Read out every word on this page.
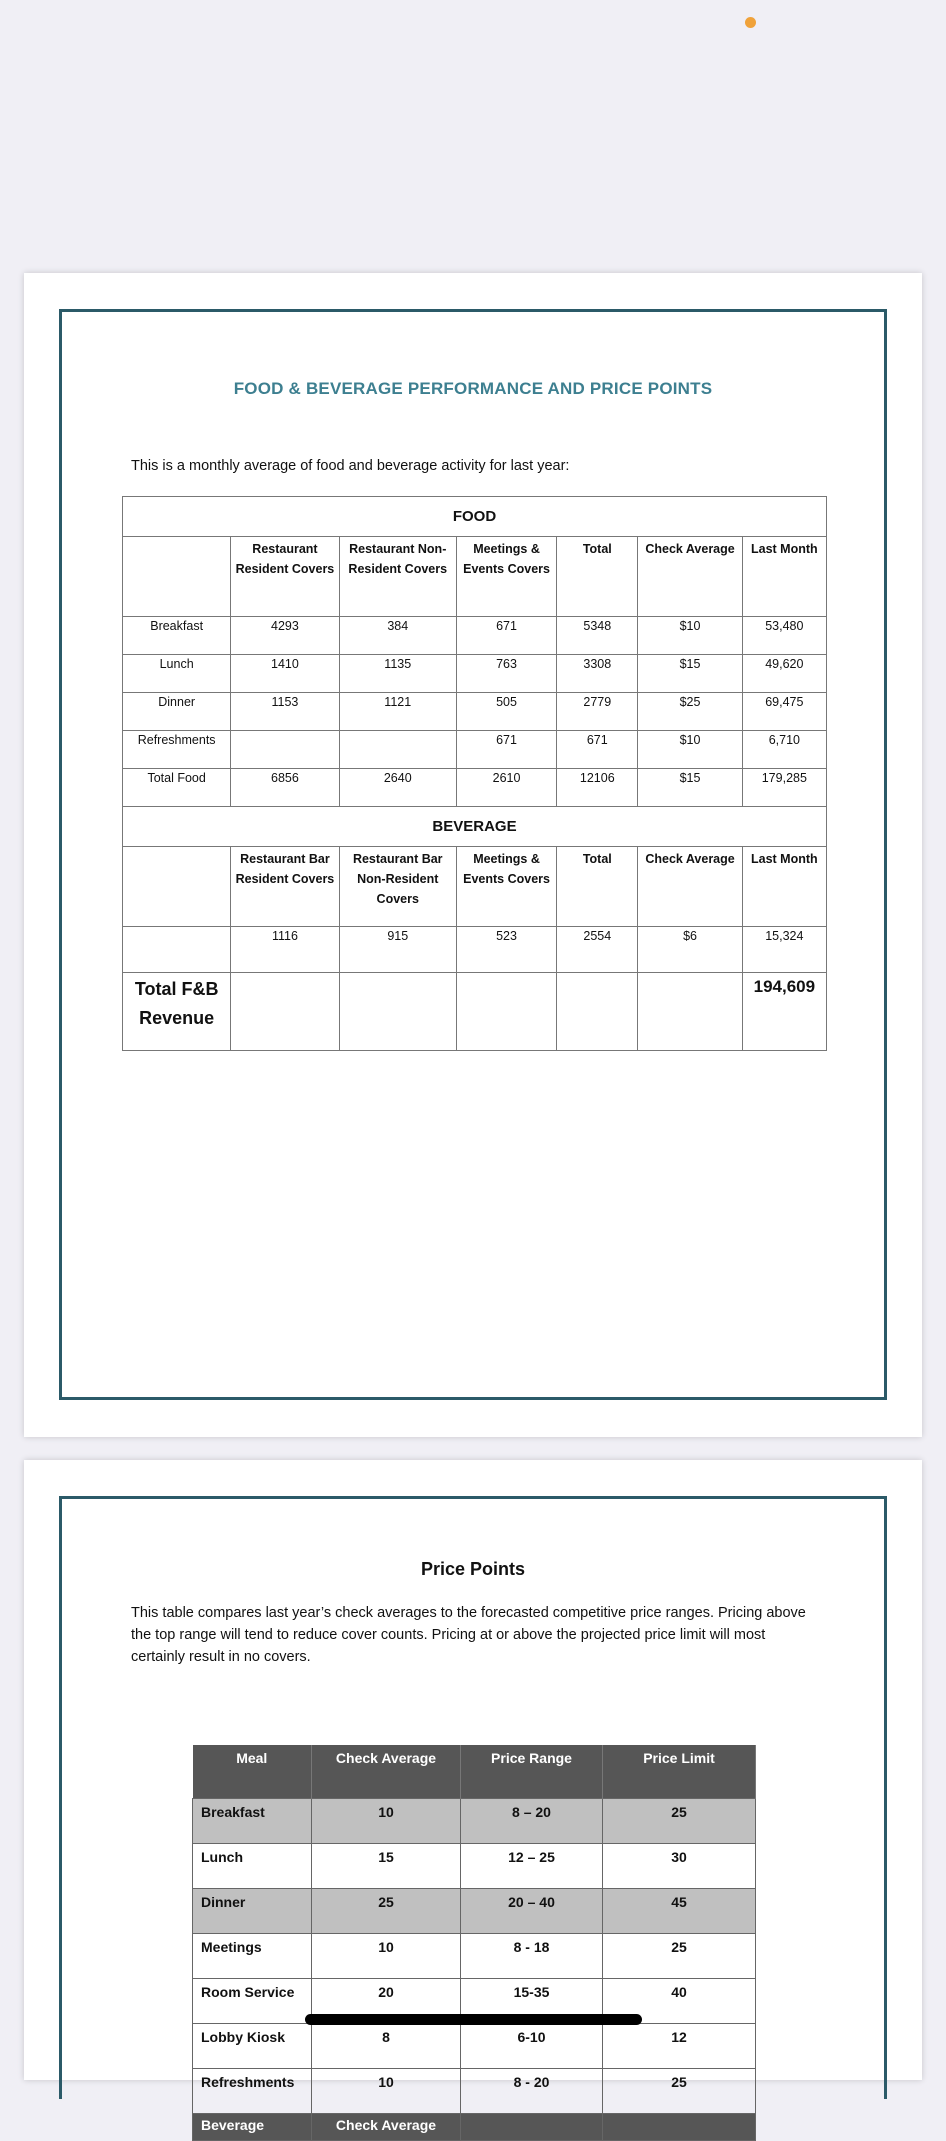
FOOD & BEVERAGE PERFORMANCE AND PRICE POINTS
This is a monthly average of food and beverage activity for last year:
FOOD						
	Restaurant Resident Covers	Restaurant Non-Resident Covers	Meetings & Events Covers	Total	Check Average	Last Month
Breakfast	4293	384	671	5348	$10	53,480
Lunch	1410	1135	763	3308	$15	49,620
Dinner	1153	1121	505	2779	$25	69,475
Refreshments			671	671	$10	6,710
Total Food	6856	2640	2610	12106	$15	179,285
BEVERAGE						
	Restaurant Bar Resident Covers	Restaurant Bar Non-Resident Covers	Meetings & Events Covers	Total	Check Average	Last Month
	1116	915	523	2554	$6	15,324
Total F&B Revenue						194,609
Price Points
This table compares last year’s check averages to the forecasted competitive price ranges. Pricing above the top range will tend to reduce cover counts. Pricing at or above the projected price limit will most certainly result in no covers.
Meal	Check Average	Price Range	Price Limit
Breakfast	10	8 – 20	25
Lunch	15	12 – 25	30
Dinner	25	20 – 40	45
Meetings	10	8 - 18	25
Room Service	20	15-35	40
Lobby Kiosk	8	6-10	12
Refreshments	10	8 - 20	25
Beverage	Check Average		
